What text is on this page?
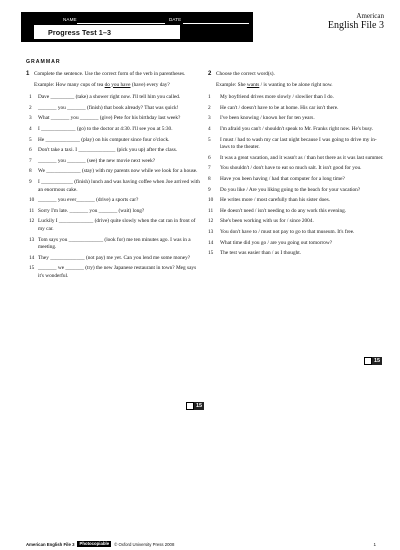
NAME	DATE
Progress Test 1–3
American
English File 3
GRAMMAR
1 Complete the sentence. Use the correct form of the verb in parentheses.
Example: How many cups of tea do you have (have) every day?
1	Dave _________ (take) a shower right now. I'll tell him you called.
2	_______ you _______ (finish) that book already? That was quick!
3	What _______ you _______ (give) Pete for his birthday last week?
4	I _____________ (go) to the doctor at 4:30. I'll see you at 5:30.
5	He _____________ (play) on his computer since four o'clock.
6	Don't take a taxi. I ______________ (pick you up) after the class.
7	_______ you _______ (see) the new movie next week?
8	We _____________ (stay) with my parents now while we look for a house.
9	I ____________ (finish) lunch and was having coffee when Joe arrived with an enormous cake.
10 _______ you ever_______ (drive) a sports car?
11 Sorry I'm late. _______ you _______ (wait) long?
12 Luckily I _____________ (drive) quite slowly when the cat ran in front of my car.
13 Tom says you _____________ (look for) me ten minutes ago. I was in a meeting.
14 They _____________ (not pay) me yet. Can you lend me some money?
15 _______ we _______ (try) the new Japanese restaurant in town? Meg says it's wonderful.
2 Choose the correct word(s).
Example: She wants / is wanting to be alone right now.
1	My boyfriend drives more slowly / slowlier than I do.
2	He can't / doesn't have to be at home. His car isn't there.
3	I've been knowing / known her for ten years.
4	I'm afraid you can't / shouldn't speak to Mr. Franks right now. He's busy.
5	I must / had to wash my car last night because I was going to drive my in-laws to the theater.
6	It was a great vacation, and it wasn't as / than hot there as it was last summer.
7	You shouldn't / don't have to eat so much salt. It isn't good for you.
8	Have you been having / had that computer for a long time?
9	Do you like / Are you liking going to the beach for your vacation?
10	He writes more / most carefully than his sister does.
11	He doesn't need / isn't needing to do any work this evening.
12	She's been working with us for / since 2004.
13	You don't have to / must not pay to go to that museum. It's free.
14	What time did you go / are you going out tomorrow?
15	The test was easier than / as I thought.
15
15
American English File 3	Photocopiable	© Oxford University Press 2008	1
